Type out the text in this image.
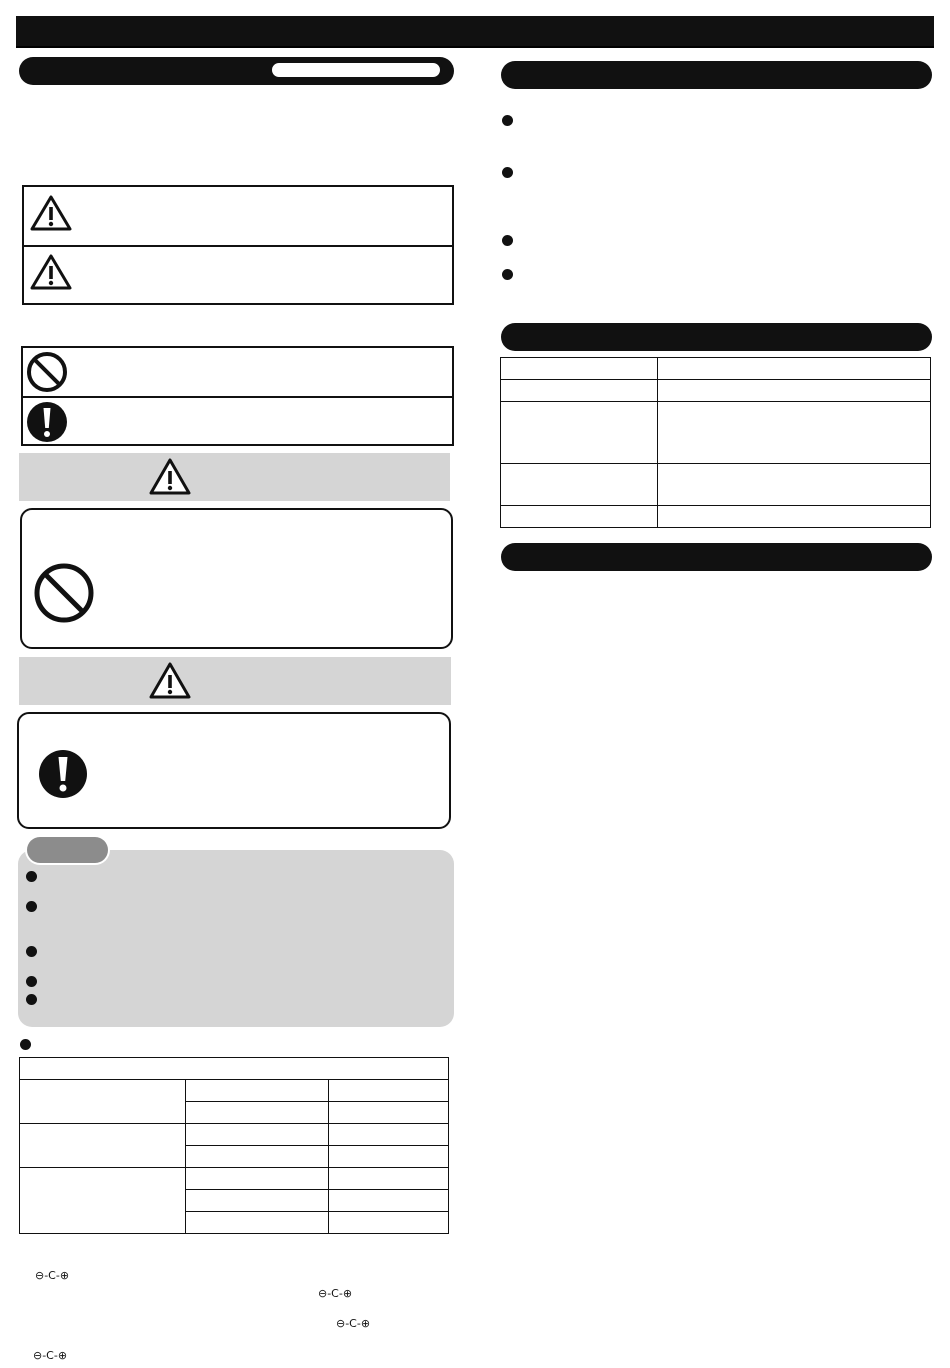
⊖-C-⊕
⊖-C-⊕
⊖-C-⊕
⊖-C-⊕
